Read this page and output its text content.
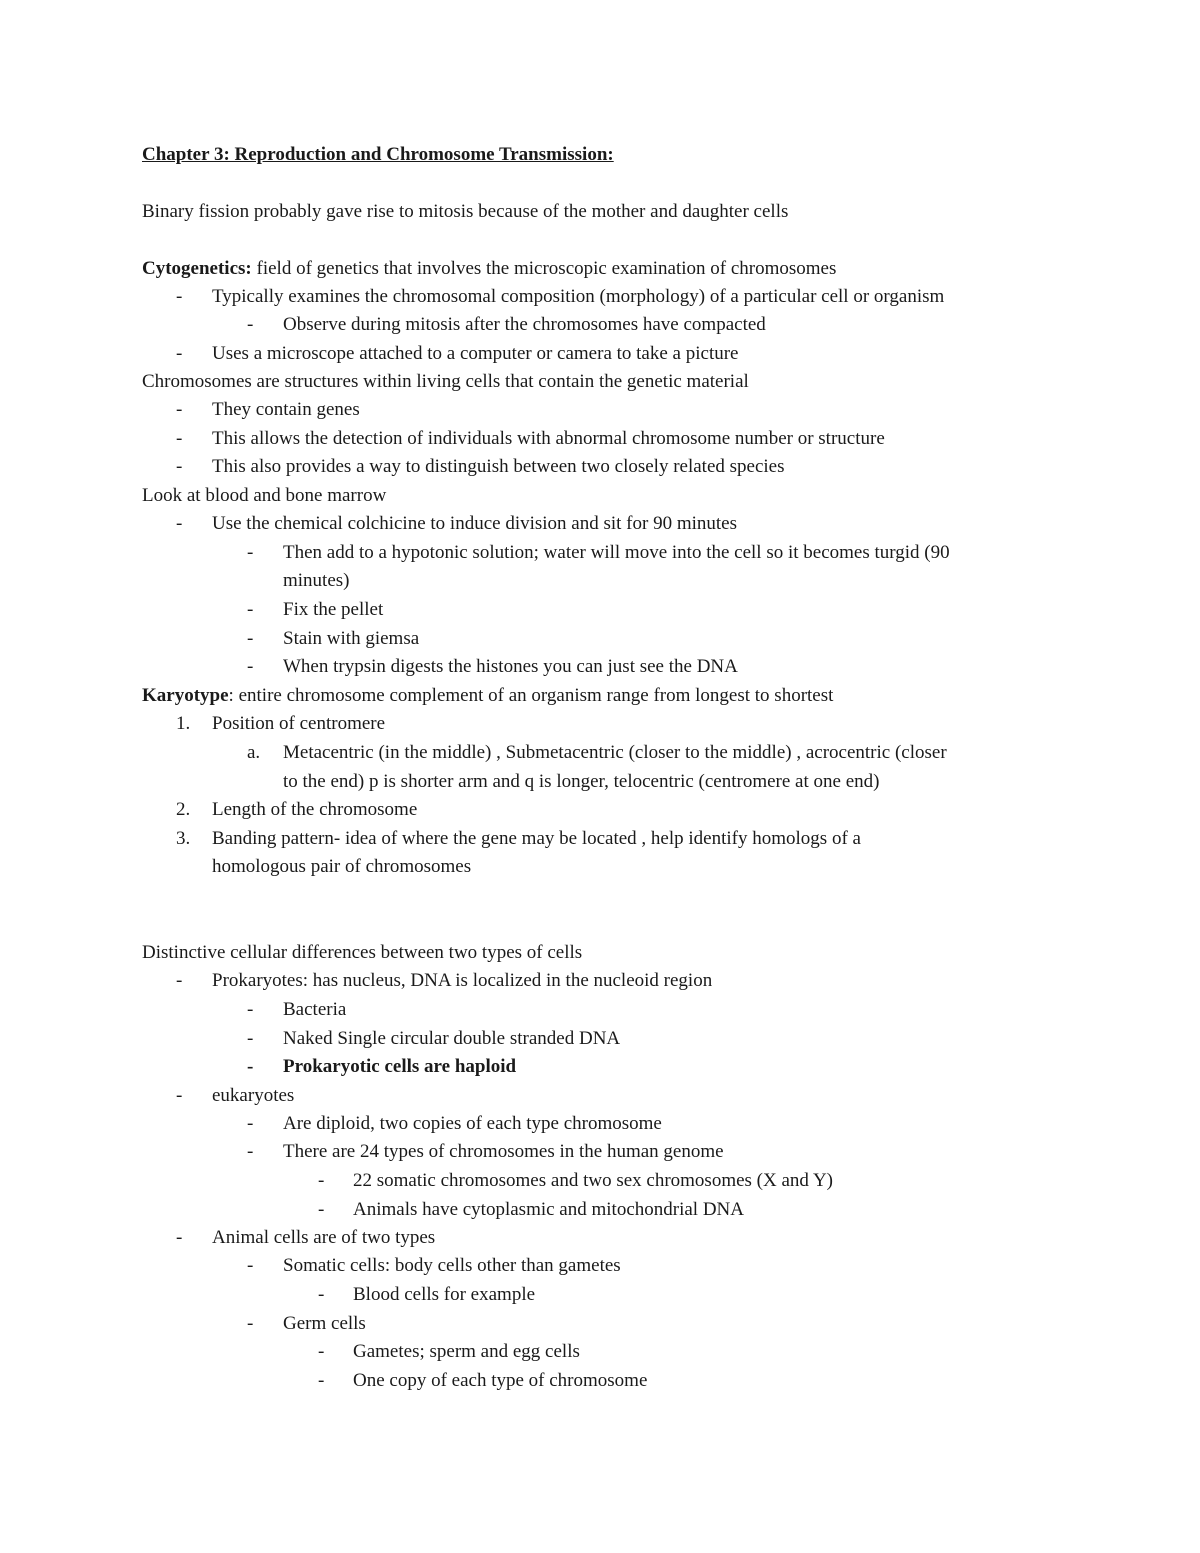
Chapter 3: Reproduction and Chromosome Transmission:
Binary fission probably gave rise to mitosis because of the mother and daughter cells
Cytogenetics: field of genetics that involves the microscopic examination of chromosomes
- Typically examines the chromosomal composition (morphology) of a particular cell or organism
- Observe during mitosis after the chromosomes have compacted
- Uses a microscope attached to a computer or camera to take a picture
Chromosomes are structures within living cells that contain the genetic material
- They contain genes
- This allows the detection of individuals with abnormal chromosome number or structure
- This also provides a way to distinguish between two closely related species
Look at blood and bone marrow
- Use the chemical colchicine to induce division and sit for 90 minutes
- Then add to a hypotonic solution; water will move into the cell so it becomes turgid (90
minutes)
- Fix the pellet
- Stain with giemsa
- When trypsin digests the histones you can just see the DNA
Karyotype: entire chromosome complement of an organism range from longest to shortest
1. Position of centromere
a. Metacentric (in the middle) , Submetacentric (closer to the middle) , acrocentric (closer
to the end) p is shorter arm and q is longer, telocentric (centromere at one end)
2. Length of the chromosome
3. Banding pattern- idea of where the gene may be located , help identify homologs of a
homologous pair of chromosomes
Distinctive cellular differences between two types of cells
- Prokaryotes: has nucleus, DNA is localized in the nucleoid region
- Bacteria
- Naked Single circular double stranded DNA
- Prokaryotic cells are haploid
- eukaryotes
- Are diploid, two copies of each type chromosome
- There are 24 types of chromosomes in the human genome
- 22 somatic chromosomes and two sex chromosomes (X and Y)
- Animals have cytoplasmic and mitochondrial DNA
- Animal cells are of two types
- Somatic cells: body cells other than gametes
- Blood cells for example
- Germ cells
- Gametes; sperm and egg cells
- One copy of each type of chromosome
